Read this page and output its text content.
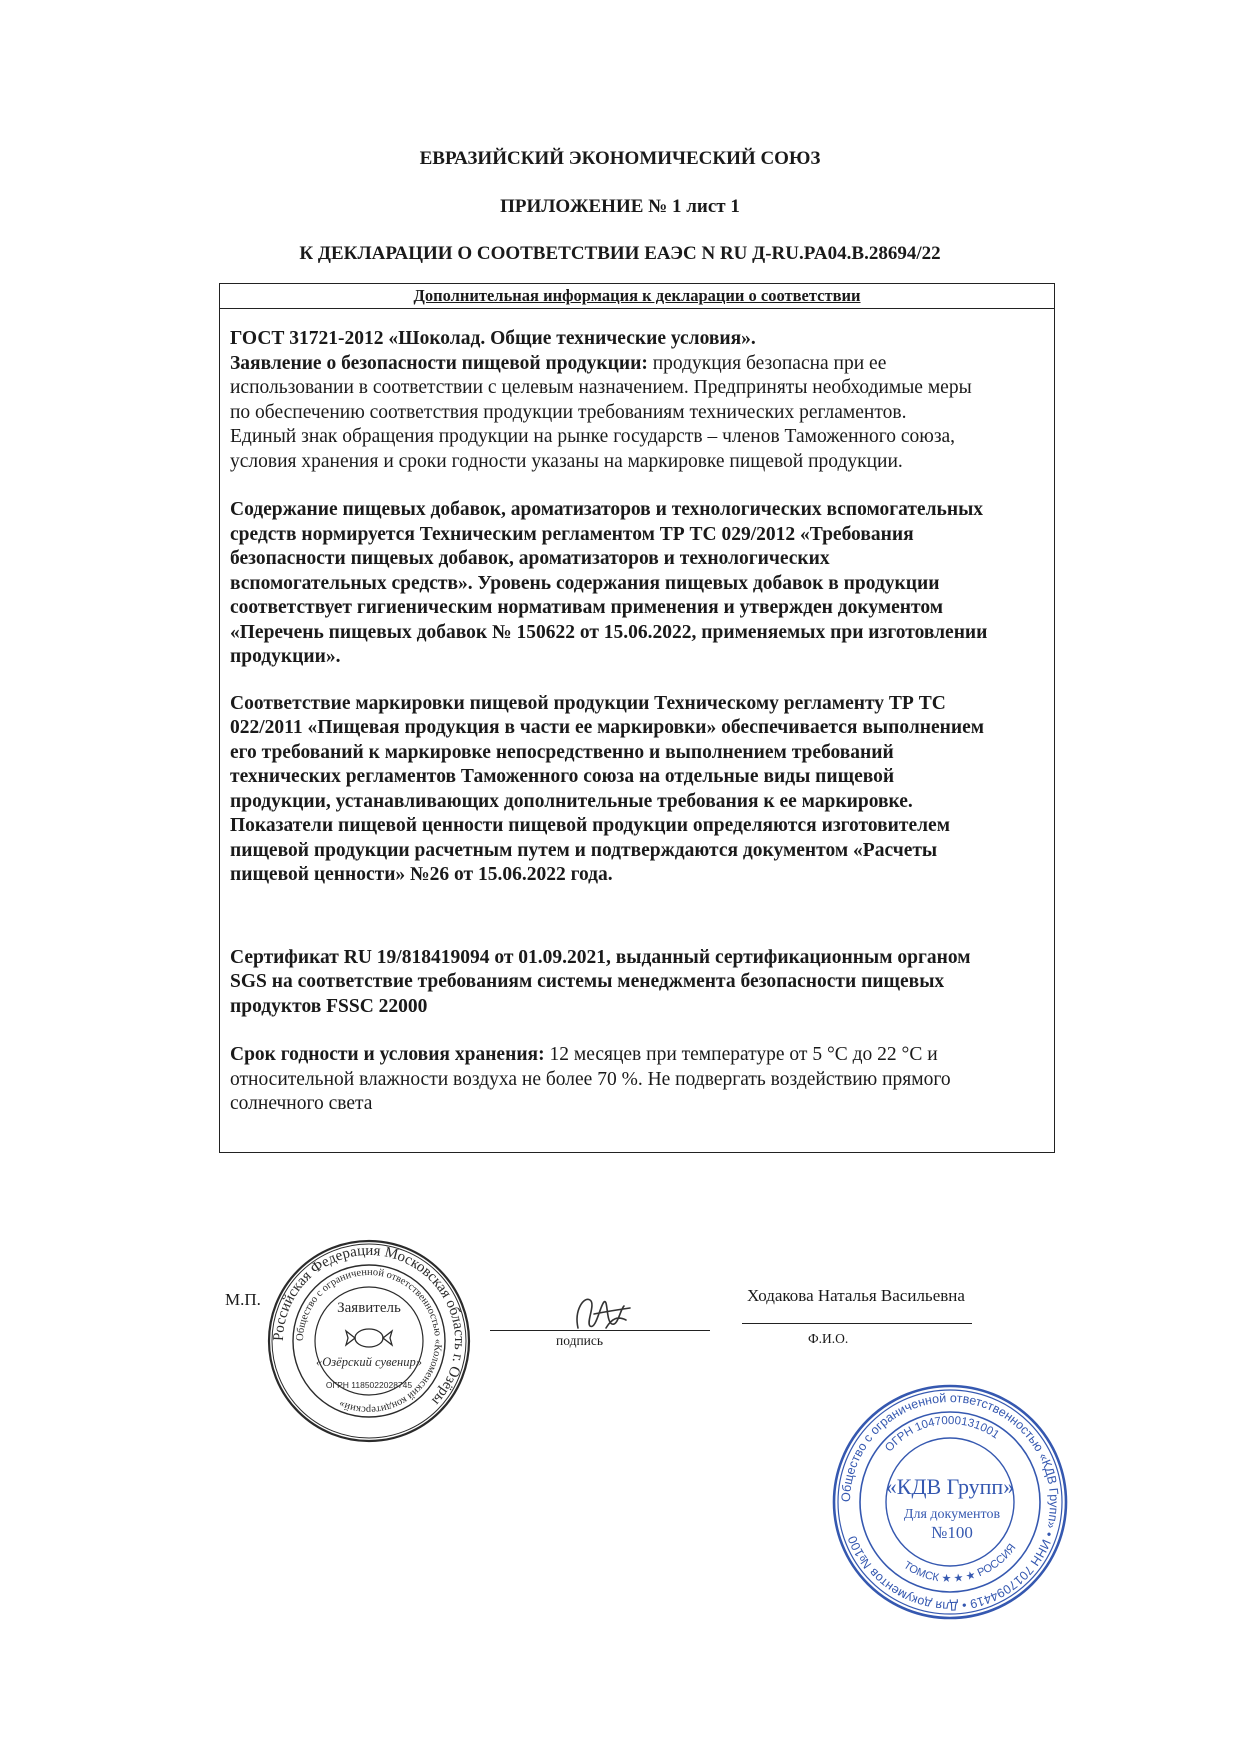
ЕВРАЗИЙСКИЙ ЭКОНОМИЧЕСКИЙ СОЮЗ
ПРИЛОЖЕНИЕ № 1 лист 1
К ДЕКЛАРАЦИИ О СООТВЕТСТВИИ ЕАЭС N RU Д-RU.PA04.B.28694/22
Дополнительная информация к декларации о соответствии

ГОСТ 31721-2012 «Шоколад. Общие технические условия».

Заявление о безопасности пищевой продукции: продукция безопасна при ее

использовании в соответствии с целевым назначением. Предприняты необходимые меры

по обеспечению соответствия продукции требованиям технических регламентов.

Единый знак обращения продукции на рынке государств – членов Таможенного союза,

условия хранения и сроки годности указаны на маркировке пищевой продукции.

Содержание пищевых добавок, ароматизаторов и технологических вспомогательных

средств нормируется Техническим регламентом ТР ТС 029/2012 «Требования

безопасности пищевых добавок, ароматизаторов и технологических

вспомогательных средств». Уровень содержания пищевых добавок в продукции

соответствует гигиеническим нормативам применения и утвержден документом

«Перечень пищевых добавок № 150622 от 15.06.2022, применяемых при изготовлении

продукции».

Соответствие маркировки пищевой продукции Техническому регламенту ТР ТС

022/2011 «Пищевая продукция в части ее маркировки» обеспечивается выполнением

его требований к маркировке непосредственно и выполнением требований

технических регламентов Таможенного союза на отдельные виды пищевой

продукции, устанавливающих дополнительные требования к ее маркировке.

Показатели пищевой ценности пищевой продукции определяются изготовителем

пищевой продукции расчетным путем и подтверждаются документом «Расчеты

пищевой ценности» №26 от 15.06.2022 года.

Сертификат RU 19/818419094 от 01.09.2021, выданный сертификационным органом

SGS на соответствие требованиям системы менеджмента безопасности пищевых

продуктов FSSC 22000

Срок годности и условия хранения: 12 месяцев при температуре от 5 °С до 22 °С и

относительной влажности воздуха не более 70 %. Не подвергать воздействию прямого

солнечного света

М.П.
Российская Федерация Московская область г. Озёры
Общество с ограниченной ответственностью «Коломенский кондитерский»
Заявитель
«Озёрский сувенир»
ОГРН 1185022028745
подпись
Ходакова Наталья Васильевна
Ф.И.О.
Общество с ограниченной ответственностью «КДВ Групп» • ИНН 7017094419 • Для документов №100
ОГРН 1047000131001
ТОМСК ★ ★ ★ РОССИЯ
«КДВ Групп»
Для документов
№100
